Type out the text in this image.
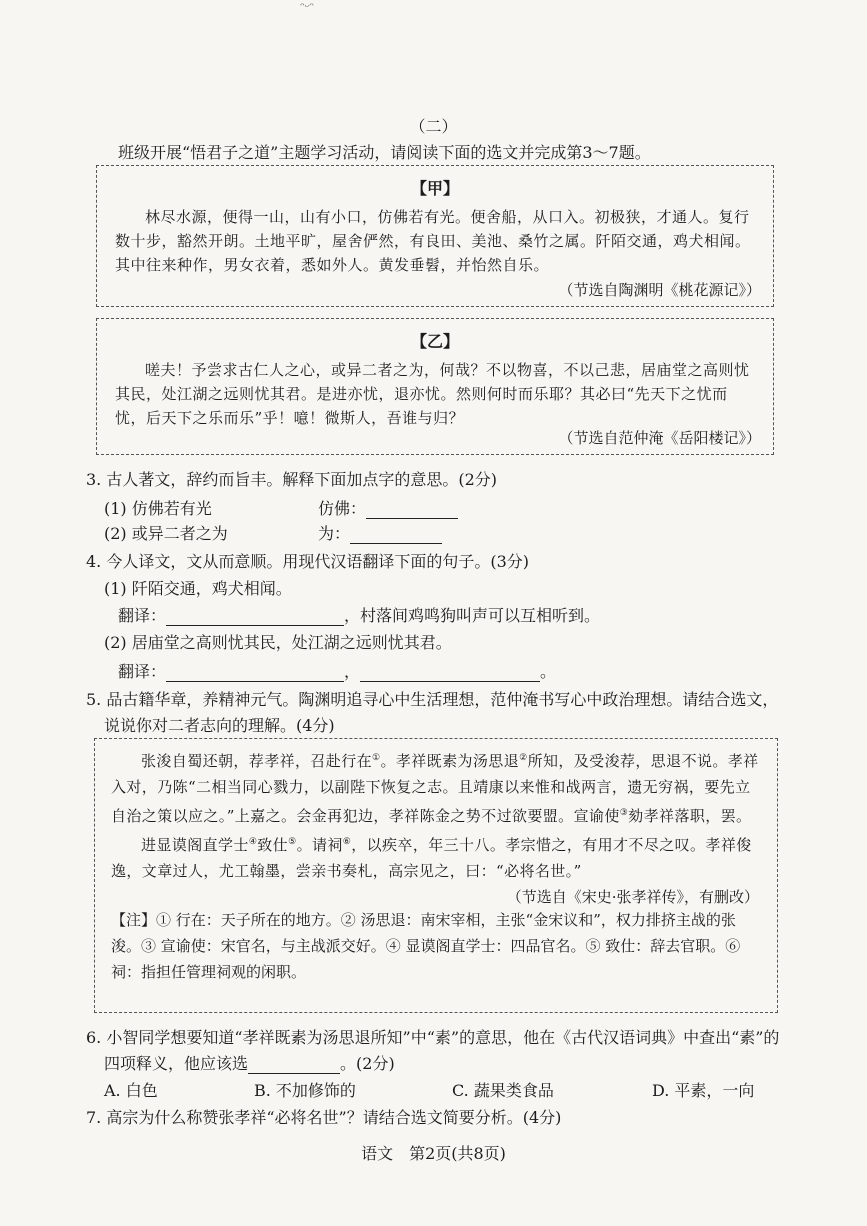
ᵔᵕᵔ
（二）
班级开展“悟君子之道”主题学习活动，请阅读下面的选文并完成第3～7题。
【甲】
林尽水源，便得一山，山有小口，仿佛若有光。便舍船，从口入。初极狭，才通人。复行数十步，豁然开朗。土地平旷，屋舍俨然，有良田、美池、桑竹之属。阡陌交通，鸡犬相闻。其中往来种作，男女衣着，悉如外人。黄发垂髫，并怡然自乐。
（节选自陶渊明《桃花源记》）
【乙】
嗟夫！予尝求古仁人之心，或异二者之为，何哉？不以物喜，不以己悲，居庙堂之高则忧其民，处江湖之远则忧其君。是进亦忧，退亦忧。然则何时而乐耶？其必曰“先天下之忧而忧，后天下之乐而乐”乎！噫！微斯人，吾谁与归？
（节选自范仲淹《岳阳楼记》）
3. 古人著文，辞约而旨丰。解释下面加点字的意思。(2分)
(1) 仿佛若有光	仿佛：
(2) 或异二者之为	为：
4. 今人译文，文从而意顺。用现代汉语翻译下面的句子。(3分)
(1) 阡陌交通，鸡犬相闻。
翻译：	，村落间鸡鸣狗叫声可以互相听到。
(2) 居庙堂之高则忧其民，处江湖之远则忧其君。
翻译：	，	。
5. 品古籍华章，养精神元气。陶渊明追寻心中生活理想，范仲淹书写心中政治理想。请结合选文，
说说你对二者志向的理解。(4分)
张浚自蜀还朝，荐孝祥，召赴行在①。孝祥既素为汤思退②所知，及受浚荐，思退不说。孝祥入对，乃陈“二相当同心戮力，以副陛下恢复之志。且靖康以来惟和战两言，遗无穷祸，要先立自治之策以应之。”上嘉之。会金再犯边，孝祥陈金之势不过欲要盟。宣谕使③劾孝祥落职，罢。
进显谟阁直学士④致仕⑤。请祠⑥，以疾卒，年三十八。孝宗惜之，有用才不尽之叹。孝祥俊逸，文章过人，尤工翰墨，尝亲书奏札，高宗见之，曰：“必将名世。”
（节选自《宋史·张孝祥传》，有删改）
【注】① 行在：天子所在的地方。② 汤思退：南宋宰相，主张“金宋议和”，权力排挤主战的张浚。③ 宣谕使：宋官名，与主战派交好。④ 显谟阁直学士：四品官名。⑤ 致仕：辞去官职。⑥ 祠：指担任管理祠观的闲职。
6. 小智同学想要知道“孝祥既素为汤思退所知”中“素”的意思，他在《古代汉语词典》中查出“素”的
四项释义，他应该选	。(2分)
A. 白色	B. 不加修饰的	C. 蔬果类食品	D. 平素，一向
7. 高宗为什么称赞张孝祥“必将名世”？请结合选文简要分析。(4分)
语文　第2页(共8页)
